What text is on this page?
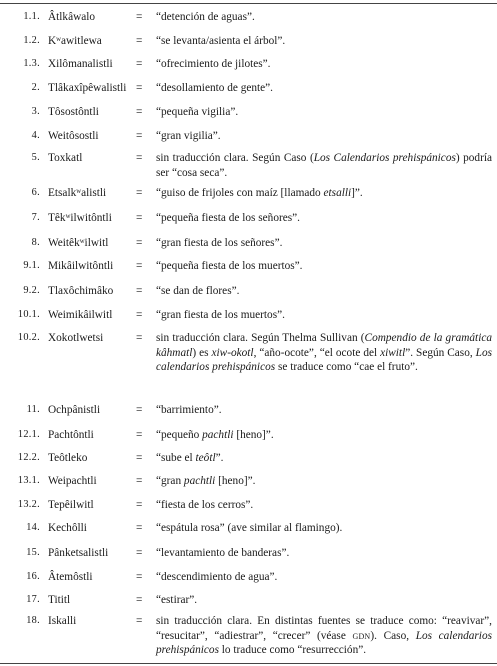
1.1. Âtlkâwalo	=	“detención de aguas”.
1.2. Kʷawitlewa	=	“se levanta/asienta el árbol”.
1.3. Xilômanalistli	=	“ofrecimiento de jilotes”.
2. Tlâkaxîpêwalistli =	“desollamiento de gente”.
3. Tôsostôntli	=	“pequeña vigilia”.
4. Weitôsostli	=	“gran vigilia”.
5. Toxkatl	=	sin traducción clara. Según Caso (Los Calendarios prehispánicos) podría ser “cosa seca”.
6. Etsalkʷalistli	=	“guiso de frijoles con maíz [llamado etsalli]”.
7. Têkʷilwitôntli	=	“pequeña fiesta de los señores”.
8. Weitêkʷilwitl	=	“gran fiesta de los señores”.
9.1. Mikâilwitôntli	=	“pequeña fiesta de los muertos”.
9.2. Tlaxôchimâko	=	“se dan de flores”.
10.1. Weimikâilwitl	=	“gran fiesta de los muertos”.
10.2. Xokotlwetsi	=	sin traducción clara. Según Thelma Sullivan (Compendio de la gramática kâhmatl) es xiw-okotl, “año-ocote”, “el ocote del xiwitl”. Según Caso, Los calendarios prehispánicos se traduce como “cae el fruto”.
11. Ochpânistli	=	“barrimiento”.
12.1. Pachtôntli	=	“pequeño pachtli [heno]”.
12.2. Teôtleko	=	“sube el teôtl”.
13.1. Weipachtli	=	“gran pachtli [heno]”.
13.2. Tepêilwitl	=	“fiesta de los cerros”.
14. Kechôlli	=	“espátula rosa” (ave similar al flamingo).
15. Pânketsalistli	=	“levantamiento de banderas”.
16. Âtemôstli	=	“descendimiento de agua”.
17. Tititl	=	“estirar”.
18. Iskalli	=	sin traducción clara. En distintas fuentes se traduce como: “reavivar”, “resucitar”, “adiestrar”, “crecer” (véase gdn). Caso, Los calendarios prehispánicos lo traduce como “resurrección”.
